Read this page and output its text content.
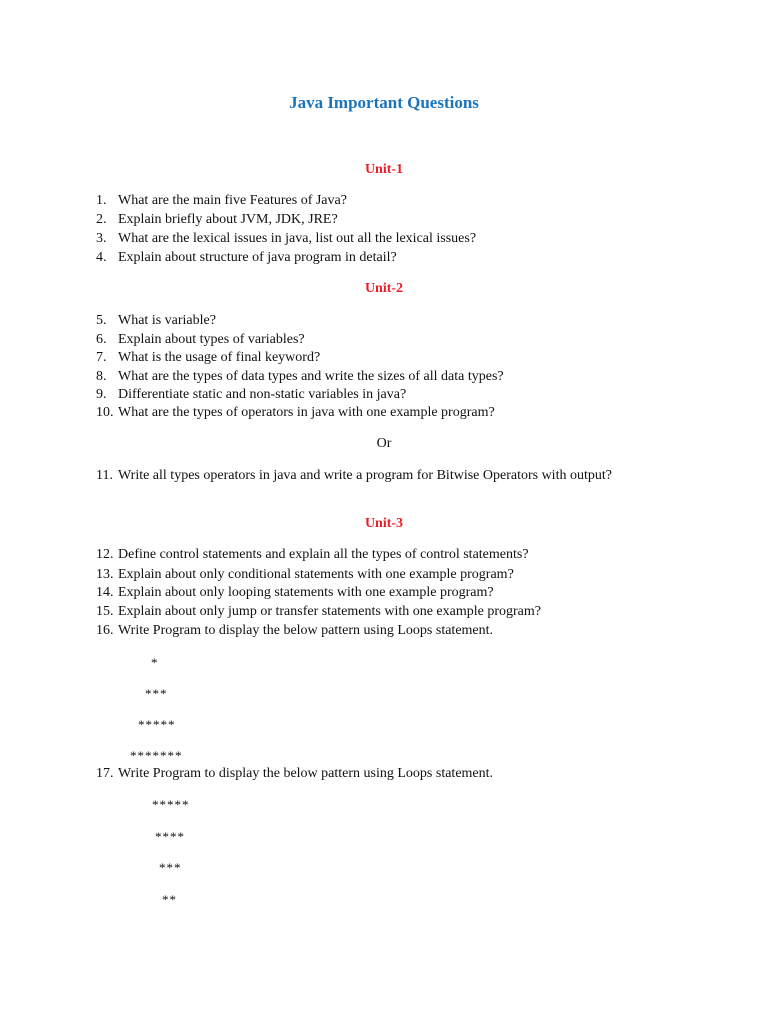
Java Important Questions
Unit-1
1. What are the main five Features of Java?
2. Explain briefly about JVM, JDK, JRE?
3. What are the lexical issues in java, list out all the lexical issues?
4. Explain about structure of java program in detail?
Unit-2
5. What is variable?
6. Explain about types of variables?
7. What is the usage of final keyword?
8. What are the types of data types and write the sizes of all data types?
9. Differentiate static and non-static variables in java?
10. What are the types of operators in java with one example program?
Or
11. Write all types operators in java and write a program for Bitwise Operators with output?
Unit-3
12. Define control statements and explain all the types of control statements?
13. Explain about only conditional statements with one example program?
14. Explain about only looping statements with one example program?
15. Explain about only jump or transfer statements with one example program?
16. Write Program to display the below pattern using Loops statement.
*
***
*****
*******
17. Write Program to display the below pattern using Loops statement.
*****
****
***
**
